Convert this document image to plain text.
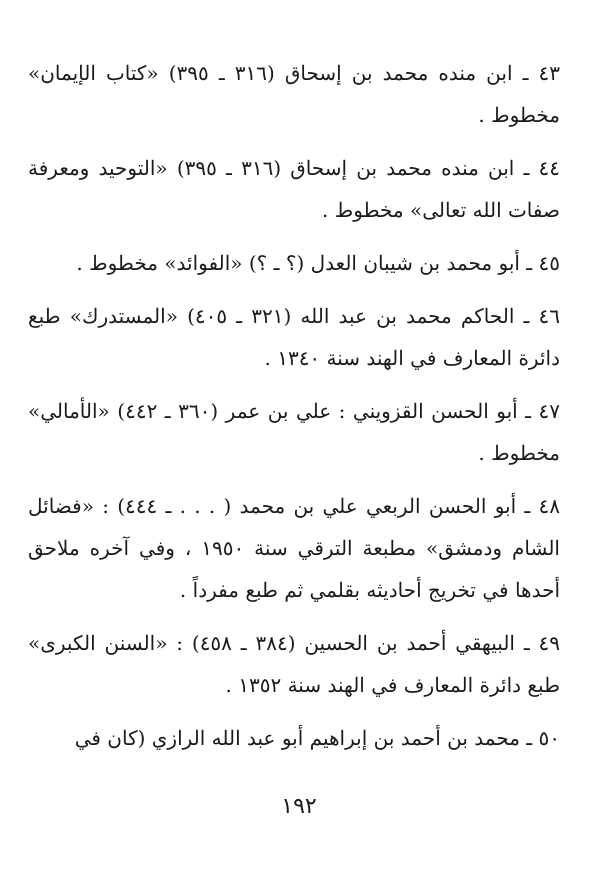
٤٣ ـ ابن منده محمد بن إسحاق (٣١٦ ـ ٣٩٥) «كتاب الإيمان» مخطوط .

٤٤ ـ ابن منده محمد بن إسحاق (٣١٦ ـ ٣٩٥) «التوحيد ومعرفة صفات الله تعالى» مخطوط .

٤٥ ـ أبو محمد بن شيبان العدل (؟ ـ ؟) «الفوائد» مخطوط .

٤٦ ـ الحاكم محمد بن عبد الله (٣٢١ ـ ٤٠٥) «المستدرك» طبع دائرة المعارف في الهند سنة ١٣٤٠ .

٤٧ ـ أبو الحسن القزويني : علي بن عمر (٣٦٠ ـ ٤٤٢) «الأمالي» مخطوط .

٤٨ ـ أبو الحسن الربعي علي بن محمد ( . . . ـ ٤٤٤) : «فضائل الشام ودمشق» مطبعة الترقي سنة ١٩٥٠ ، وفي آخره ملاحق أحدها في تخريج أحاديثه بقلمي ثم طبع مفرداً .

٤٩ ـ البيهقي أحمد بن الحسين (٣٨٤ ـ ٤٥٨) : «السنن الكبرى» طبع دائرة المعارف في الهند سنة ١٣٥٢ .

٥٠ ـ محمد بن أحمد بن إبراهيم أبو عبد الله الرازي (كان في

١٩٢
